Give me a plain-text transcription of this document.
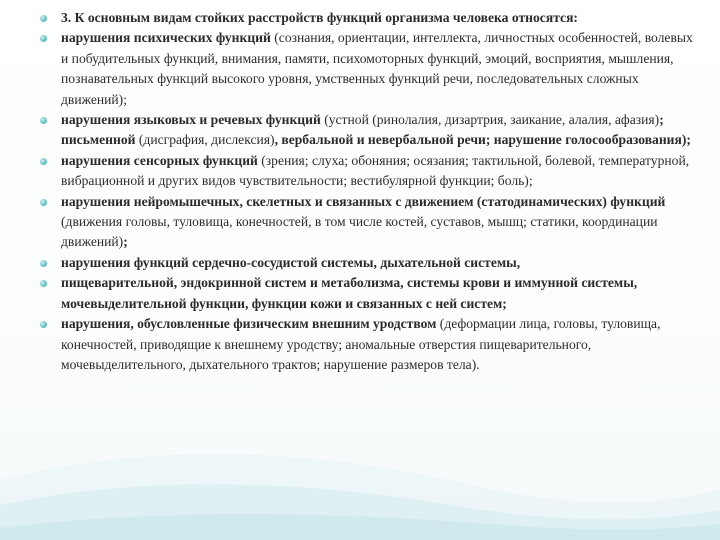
3. К основным видам стойких расстройств функций организма человека относятся:

нарушения психических функций (сознания, ориентации, интеллекта, личностных особенностей, волевых и побудительных функций, внимания, памяти, психомоторных функций, эмоций, восприятия, мышления, познавательных функций высокого уровня, умственных функций речи, последовательных сложных движений);

нарушения языковых и речевых функций (устной (ринолалия, дизартрия, заикание, алалия, афазия); письменной (дисграфия, дислексия), вербальной и невербальной речи; нарушение голосообразования);

нарушения сенсорных функций (зрения; слуха; обоняния; осязания; тактильной, болевой, температурной, вибрационной и других видов чувствительности; вестибулярной функции; боль);

нарушения нейромышечных, скелетных и связанных с движением (статодинамических) функций (движения головы, туловища, конечностей, в том числе костей, суставов, мышц; статики, координации движений);

нарушения функций сердечно-сосудистой системы, дыхательной системы,

пищеварительной, эндокринной систем и метаболизма, системы крови и иммунной системы, мочевыделительной функции, функции кожи и связанных с ней систем;

нарушения, обусловленные физическим внешним уродством (деформации лица, головы, туловища, конечностей, приводящие к внешнему уродству; аномальные отверстия пищеварительного, мочевыделительного, дыхательного трактов; нарушение размеров тела).
